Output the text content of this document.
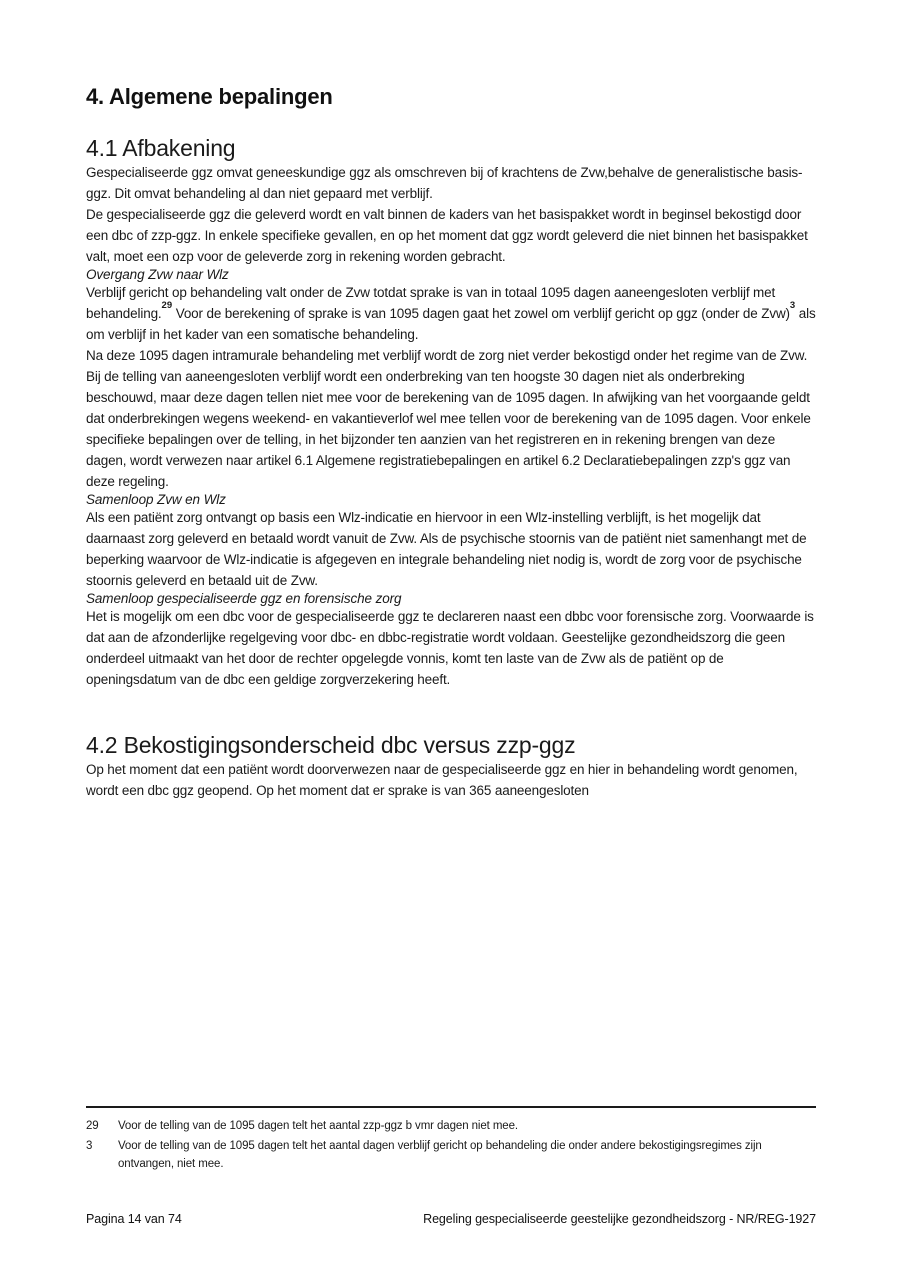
4. Algemene bepalingen
4.1 Afbakening

Gespecialiseerde ggz omvat geneeskundige ggz als omschreven bij of krachtens de Zvw,behalve de generalistische basis-ggz. Dit omvat behandeling al dan niet gepaard met verblijf.

De gespecialiseerde ggz die geleverd wordt en valt binnen de kaders van het basispakket wordt in beginsel bekostigd door een dbc of zzp-ggz. In enkele specifieke gevallen, en op het moment dat ggz wordt geleverd die niet binnen het basispakket valt, moet een ozp voor de geleverde zorg in rekening worden gebracht.

Overgang Zvw naar Wlz

Verblijf gericht op behandeling valt onder de Zvw totdat sprake is van in totaal 1095 dagen aaneengesloten verblijf met behandeling.$^{29}$ Voor de berekening of sprake is van 1095 dagen gaat het zowel om verblijf gericht op ggz (onder de Zvw)$^3$ als om verblijf in het kader van een somatische behandeling.

Na deze 1095 dagen intramurale behandeling met verblijf wordt de zorg niet verder bekostigd onder het regime van de Zvw.

Bij de telling van aaneengesloten verblijf wordt een onderbreking van ten hoogste 30 dagen niet als onderbreking beschouwd, maar deze dagen tellen niet mee voor de berekening van de 1095 dagen. In afwijking van het voorgaande geldt dat onderbrekingen wegens weekend- en vakantieverlof wel mee tellen voor de berekening van de 1095 dagen. Voor enkele specifieke bepalingen over de telling, in het bijzonder ten aanzien van het registreren en in rekening brengen van deze dagen, wordt verwezen naar artikel 6.1 Algemene registratiebepalingen en artikel 6.2 Declaratiebepalingen zzp's ggz van deze regeling.

Samenloop Zvw en Wlz

Als een patiënt zorg ontvangt op basis een Wlz-indicatie en hiervoor in een Wlz-instelling verblijft, is het mogelijk dat daarnaast zorg geleverd en betaald wordt vanuit de Zvw. Als de psychische stoornis van de patiënt niet samenhangt met de beperking waarvoor de Wlz-indicatie is afgegeven en integrale behandeling niet nodig is, wordt de zorg voor de psychische stoornis geleverd en betaald uit de Zvw.

Samenloop gespecialiseerde ggz en forensische zorg

Het is mogelijk om een dbc voor de gespecialiseerde ggz te declareren naast een dbbc voor forensische zorg. Voorwaarde is dat aan de afzonderlijke regelgeving voor dbc- en dbbc-registratie wordt voldaan. Geestelijke gezondheidszorg die geen onderdeel uitmaakt van het door de rechter opgelegde vonnis, komt ten laste van de Zvw als de patiënt op de openingsdatum van de dbc een geldige zorgverzekering heeft.

4.2 Bekostigingsonderscheid dbc versus zzp-ggz

Op het moment dat een patiënt wordt doorverwezen naar de gespecialiseerde ggz en hier in behandeling wordt genomen, wordt een dbc ggz geopend. Op het moment dat er sprake is van 365 aaneengesloten

29	Voor de telling van de 1095 dagen telt het aantal zzp-ggz b vmr dagen niet mee.
3	Voor de telling van de 1095 dagen telt het aantal dagen verblijf gericht op behandeling die onder andere bekostigingsregimes zijn ontvangen, niet mee.
Pagina 14 van 74	Regeling gespecialiseerde geestelijke gezondheidszorg - NR/REG-1927
